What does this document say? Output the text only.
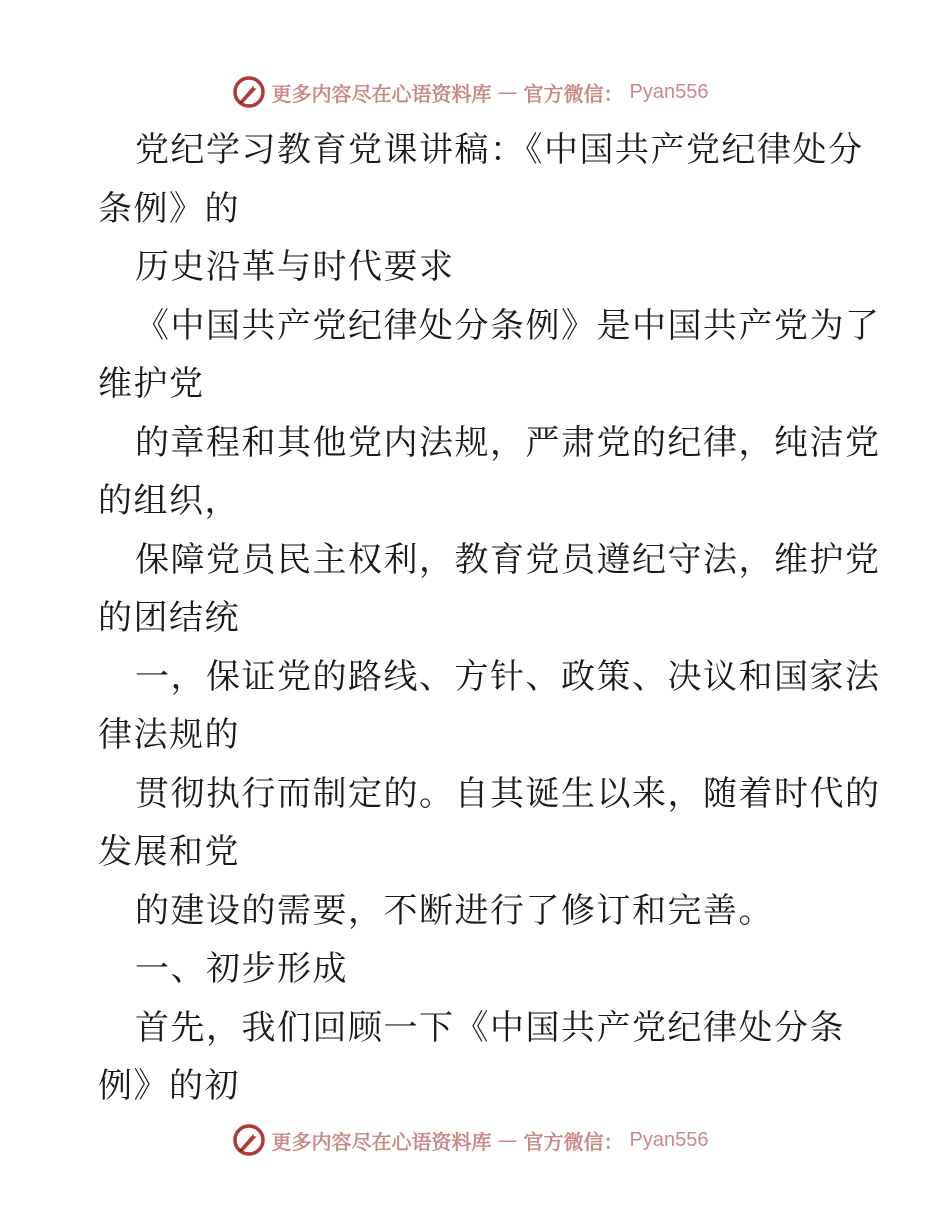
更多内容尽在心语资料库 — 官方微信： Pyan556
党纪学习教育党课讲稿：《中国共产党纪律处分
条例》的
历史沿革与时代要求
《中国共产党纪律处分条例》是中国共产党为了
维护党
的章程和其他党内法规，严肃党的纪律，纯洁党
的组织，
保障党员民主权利，教育党员遵纪守法，维护党
的团结统
一，保证党的路线、方针、政策、决议和国家法
律法规的
贯彻执行而制定的。自其诞生以来，随着时代的
发展和党
的建设的需要，不断进行了修订和完善。
一、初步形成
首先，我们回顾一下《中国共产党纪律处分条
例》的初
更多内容尽在心语资料库 — 官方微信： Pyan556
